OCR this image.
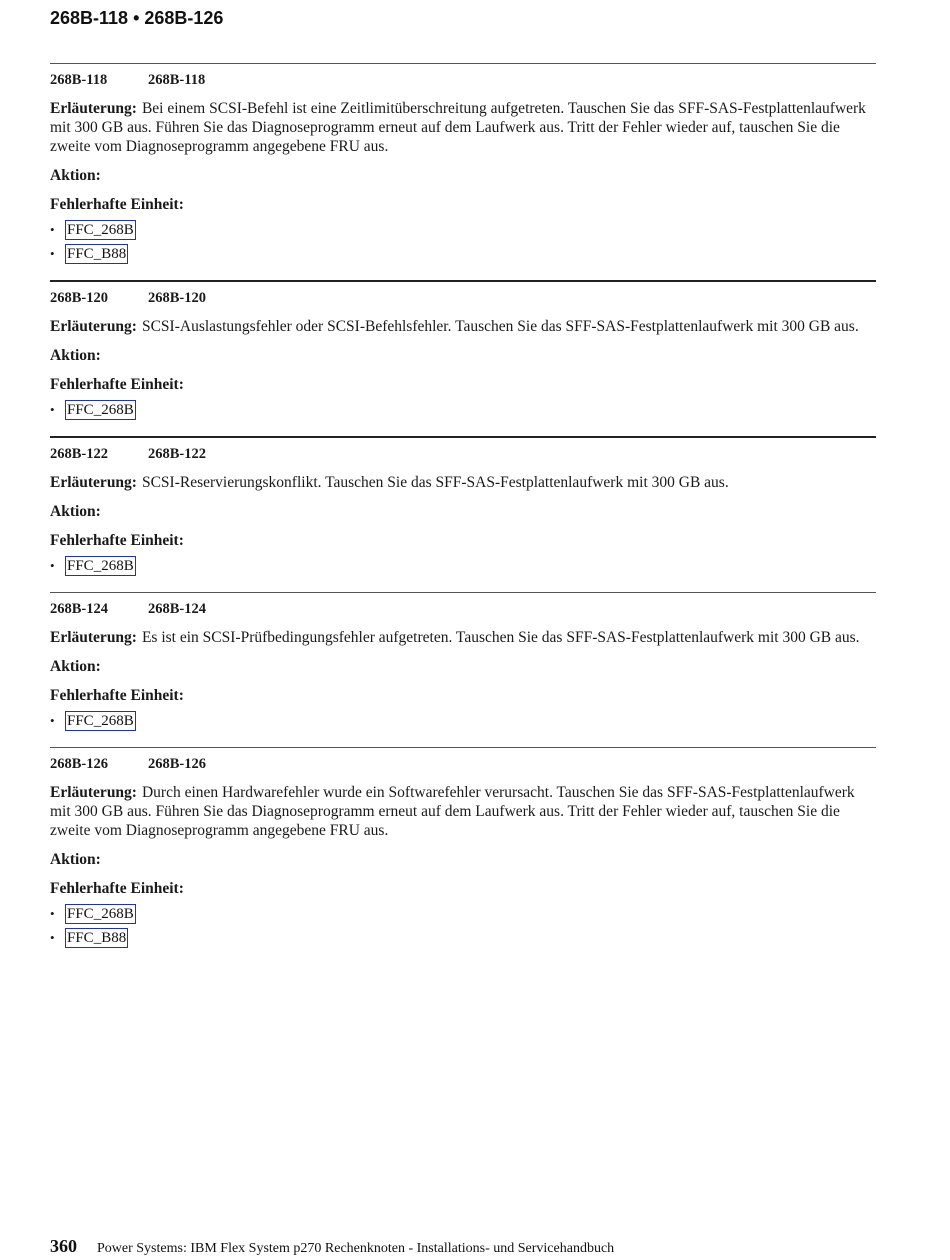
268B-118 • 268B-126
268B-118	268B-118
Erläuterung: Bei einem SCSI-Befehl ist eine Zeitlimitüberschreitung aufgetreten. Tauschen Sie das SFF-SAS-Festplattenlaufwerk mit 300 GB aus. Führen Sie das Diagnoseprogramm erneut auf dem Laufwerk aus. Tritt der Fehler wieder auf, tauschen Sie die zweite vom Diagnoseprogramm angegebene FRU aus.
Aktion:
Fehlerhafte Einheit:
• FFC_268B
• FFC_B88
268B-120	268B-120
Erläuterung: SCSI-Auslastungsfehler oder SCSI-Befehlsfehler. Tauschen Sie das SFF-SAS-Festplattenlaufwerk mit 300 GB aus.
Aktion:
Fehlerhafte Einheit:
• FFC_268B
268B-122	268B-122
Erläuterung: SCSI-Reservierungskonflikt. Tauschen Sie das SFF-SAS-Festplattenlaufwerk mit 300 GB aus.
Aktion:
Fehlerhafte Einheit:
• FFC_268B
268B-124	268B-124
Erläuterung: Es ist ein SCSI-Prüfbedingungsfehler aufgetreten. Tauschen Sie das SFF-SAS-Festplattenlaufwerk mit 300 GB aus.
Aktion:
Fehlerhafte Einheit:
• FFC_268B
268B-126	268B-126
Erläuterung: Durch einen Hardwarefehler wurde ein Softwarefehler verursacht. Tauschen Sie das SFF-SAS-Festplattenlaufwerk mit 300 GB aus. Führen Sie das Diagnoseprogramm erneut auf dem Laufwerk aus. Tritt der Fehler wieder auf, tauschen Sie die zweite vom Diagnoseprogramm angegebene FRU aus.
Aktion:
Fehlerhafte Einheit:
• FFC_268B
• FFC_B88
360 Power Systems: IBM Flex System p270 Rechenknoten - Installations- und Servicehandbuch
